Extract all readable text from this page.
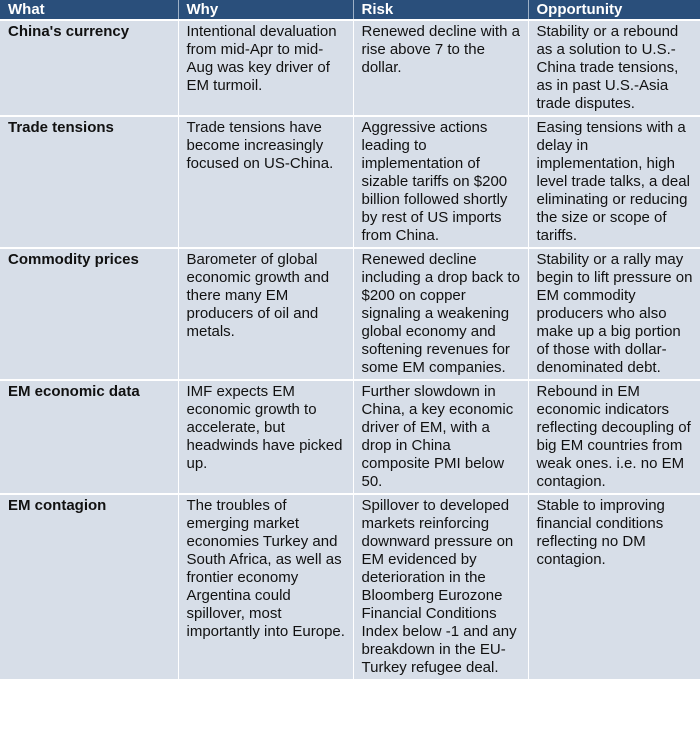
What	Why	Risk	Opportunity
China's currency	Intentional devaluation from mid-Apr to mid-Aug was key driver of EM turmoil.	Renewed decline with a rise above 7 to the dollar.	Stability or a rebound as a solution to U.S.-China trade tensions, as in past U.S.-Asia trade disputes.
Trade tensions	Trade tensions have become increasingly focused on US-China.	Aggressive actions leading to implementation of sizable tariffs on $200 billion followed shortly by rest of US imports from China.	Easing tensions with a delay in implementation, high level trade talks, a deal eliminating or reducing the size or scope of tariffs.
Commodity prices	Barometer of global economic growth and there many EM producers of oil and metals.	Renewed decline including a drop back to $200 on copper signaling a weakening global economy and softening revenues for some EM companies.	Stability or a rally may begin to lift pressure on EM commodity producers who also make up a big portion of those with dollar-denominated debt.
EM economic data	IMF expects EM economic growth to accelerate, but headwinds have picked up.	Further slowdown in China, a key economic driver of EM, with a drop in China composite PMI below 50.	Rebound in EM economic indicators reflecting decoupling of big EM countries from weak ones. i.e. no EM contagion.
EM contagion	The troubles of emerging market economies Turkey and South Africa, as well as frontier economy Argentina could spillover, most importantly into Europe.	Spillover to developed markets reinforcing downward pressure on EM evidenced by deterioration in the Bloomberg Eurozone Financial Conditions Index below -1 and any breakdown in the EU-Turkey refugee deal.	Stable to improving financial conditions reflecting no DM contagion.
